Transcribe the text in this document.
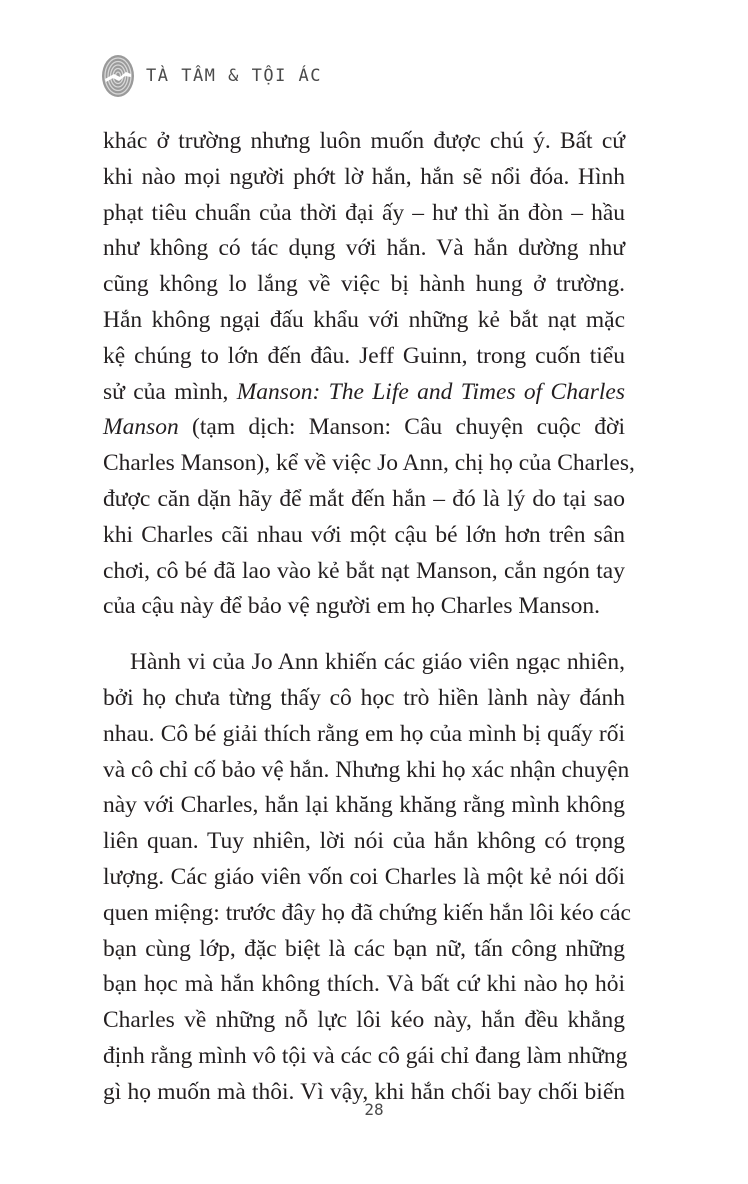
TÀ TÂM & TỘI ÁC

khác ở trường nhưng luôn muốn được chú ý. Bất cứ
khi nào mọi người phớt lờ hắn, hắn sẽ nổi đóa. Hình
phạt tiêu chuẩn của thời đại ấy – hư thì ăn đòn – hầu
như không có tác dụng với hắn. Và hắn dường như
cũng không lo lắng về việc bị hành hung ở trường.
Hắn không ngại đấu khẩu với những kẻ bắt nạt mặc
kệ chúng to lớn đến đâu. Jeff Guinn, trong cuốn tiểu
sử của mình, Manson: The Life and Times of Charles
Manson (tạm dịch: Manson: Câu chuyện cuộc đời
Charles Manson), kể về việc Jo Ann, chị họ của Charles,
được căn dặn hãy để mắt đến hắn – đó là lý do tại sao
khi Charles cãi nhau với một cậu bé lớn hơn trên sân
chơi, cô bé đã lao vào kẻ bắt nạt Manson, cắn ngón tay
của cậu này để bảo vệ người em họ Charles Manson.

Hành vi của Jo Ann khiến các giáo viên ngạc nhiên,
bởi họ chưa từng thấy cô học trò hiền lành này đánh
nhau. Cô bé giải thích rằng em họ của mình bị quấy rối
và cô chỉ cố bảo vệ hắn. Nhưng khi họ xác nhận chuyện
này với Charles, hắn lại khăng khăng rằng mình không
liên quan. Tuy nhiên, lời nói của hắn không có trọng
lượng. Các giáo viên vốn coi Charles là một kẻ nói dối
quen miệng: trước đây họ đã chứng kiến hắn lôi kéo các
bạn cùng lớp, đặc biệt là các bạn nữ, tấn công những
bạn học mà hắn không thích. Và bất cứ khi nào họ hỏi
Charles về những nỗ lực lôi kéo này, hắn đều khẳng
định rằng mình vô tội và các cô gái chỉ đang làm những
gì họ muốn mà thôi. Vì vậy, khi hắn chối bay chối biến

28
